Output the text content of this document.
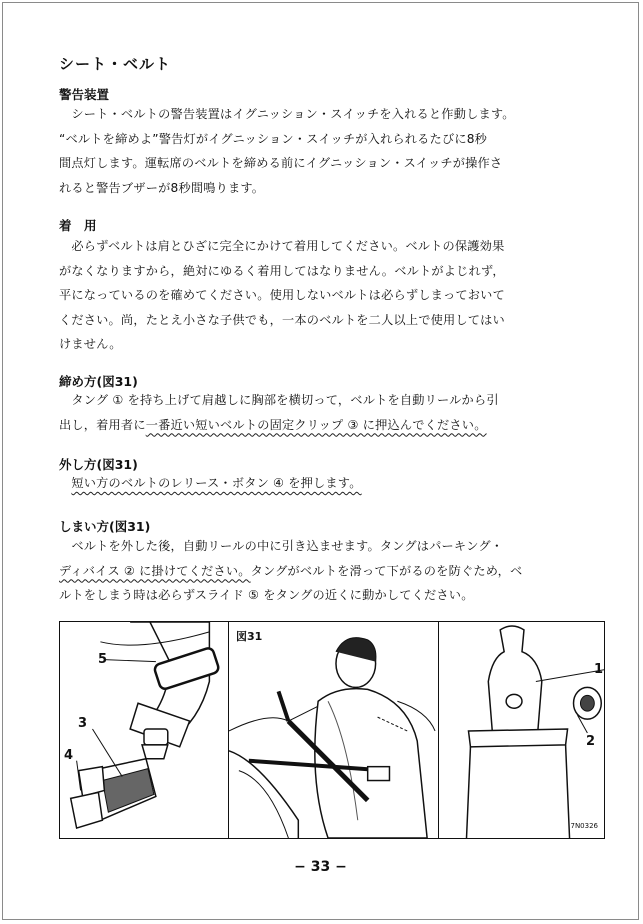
シート・ベルト
警告装置

　シート・ベルトの警告装置はイグニッション・スイッチを入れると作動します。

“ベルトを締めよ”警告灯がイグニッション・スイッチが入れられるたびに8秒

間点灯します。運転席のベルトを締める前にイグニッション・スイッチが操作さ

れると警告ブザーが8秒間鳴ります。

着　用

　必らずベルトは肩とひざに完全にかけて着用してください。ベルトの保護効果

がなくなりますから，絶対にゆるく着用してはなりません。ベルトがよじれず，

平になっているのを確めてください。使用しないベルトは必らずしまっておいて

ください。尚，たとえ小さな子供でも，一本のベルトを二人以上で使用してはい

けません。

締め方(図31)

　タング ① を持ち上げて肩越しに胸部を横切って，ベルトを自動リールから引

出し，着用者に一番近い短いベルトの固定クリップ ③ に押込んでください。

外し方(図31)

　短い方のベルトのレリース・ボタン ④ を押します。

しまい方(図31)

　ベルトを外した後，自動リールの中に引き込ませます。タングはパーキング・

ディバイス ② に掛けてください。タングがベルトを滑って下がるのを防ぐため，ベ

ルトをしまう時は必らずスライド ⑤ をタングの近くに動かしてください。

5
3
4
図31
1
2
7N0326
− 33 −
